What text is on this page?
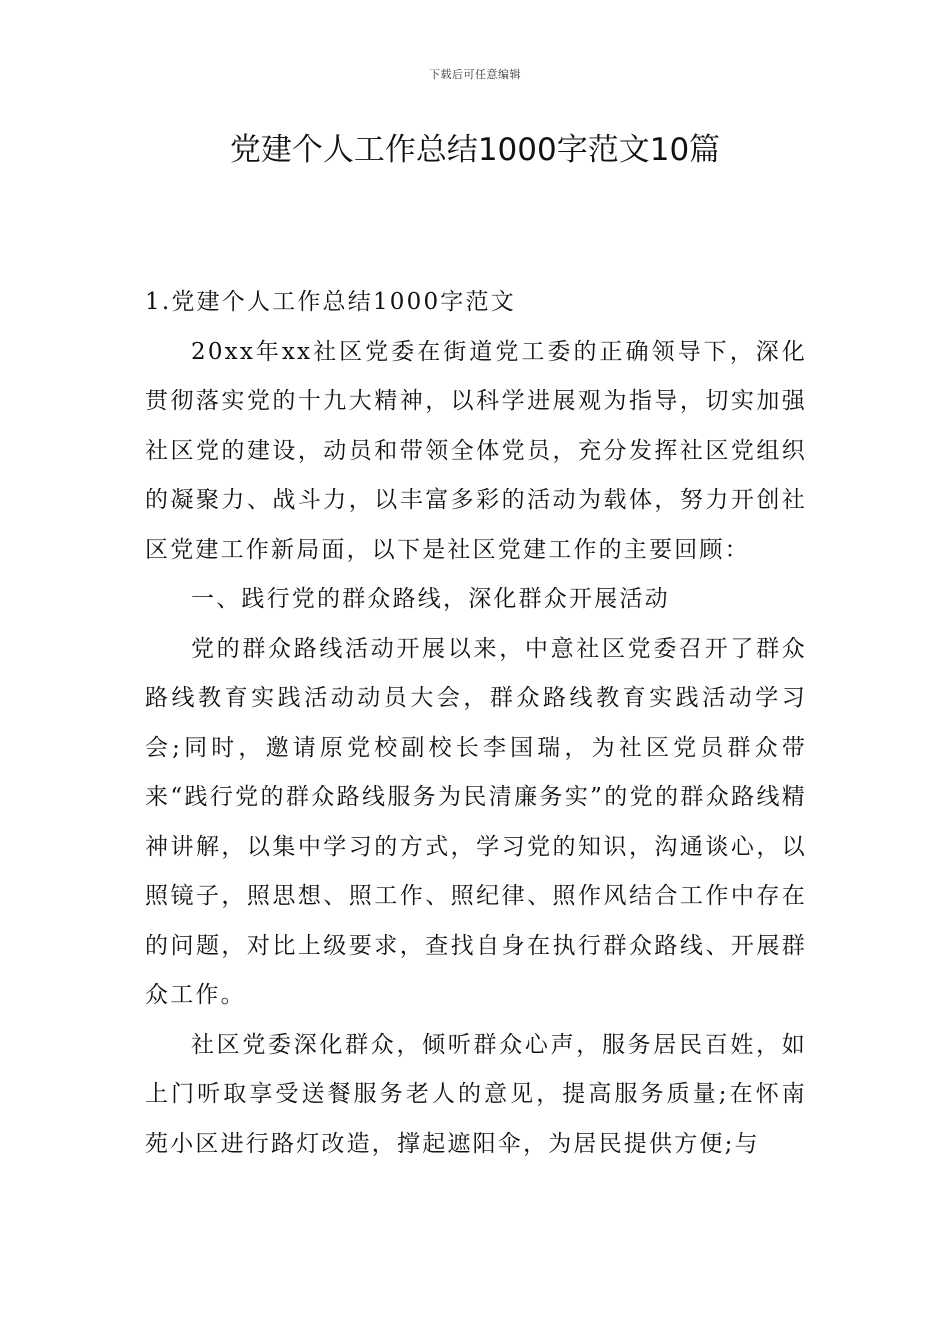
下载后可任意编辑
党建个人工作总结1000字范文10篇

1.党建个人工作总结1000字范文

20xx年xx社区党委在街道党工委的正确领导下，深化贯彻落实党的十九大精神，以科学进展观为指导，切实加强社区党的建设，动员和带领全体党员，充分发挥社区党组织的凝聚力、战斗力，以丰富多彩的活动为载体，努力开创社区党建工作新局面，以下是社区党建工作的主要回顾：

一、践行党的群众路线，深化群众开展活动

党的群众路线活动开展以来，中意社区党委召开了群众路线教育实践活动动员大会，群众路线教育实践活动学习会;同时，邀请原党校副校长李国瑞，为社区党员群众带来“践行党的群众路线服务为民清廉务实”的党的群众路线精神讲解，以集中学习的方式，学习党的知识，沟通谈心，以照镜子，照思想、照工作、照纪律、照作风结合工作中存在的问题，对比上级要求，查找自身在执行群众路线、开展群众工作。

社区党委深化群众，倾听群众心声，服务居民百姓，如上门听取享受送餐服务老人的意见，提高服务质量;在怀南苑小区进行路灯改造，撑起遮阳伞，为居民提供方便;与
